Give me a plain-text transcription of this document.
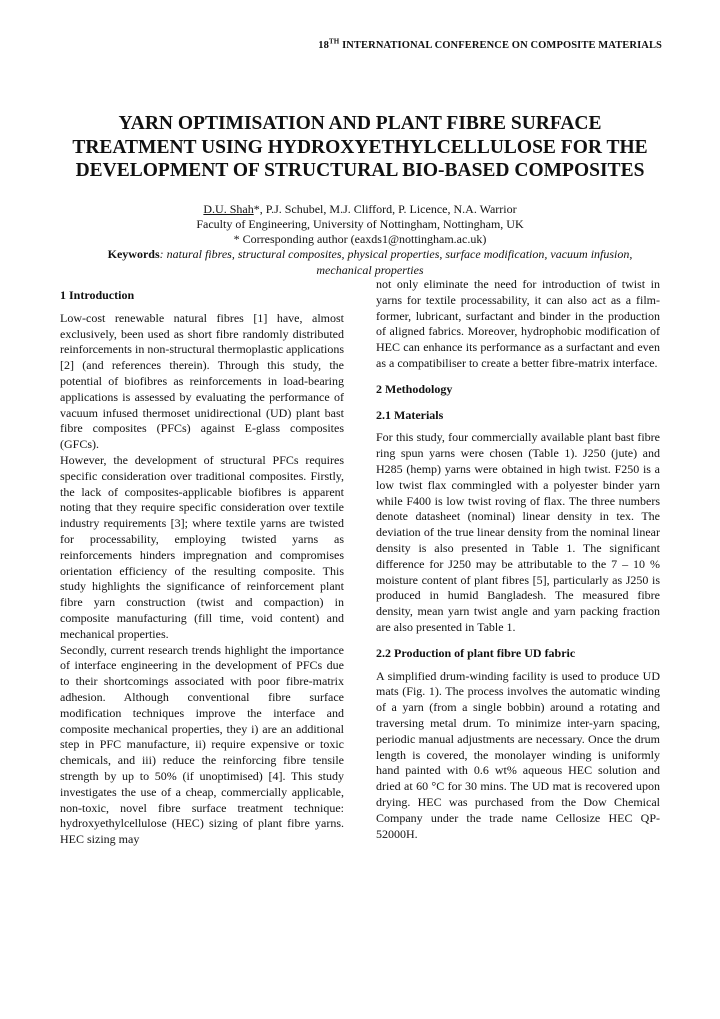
18TH INTERNATIONAL CONFERENCE ON COMPOSITE MATERIALS
YARN OPTIMISATION AND PLANT FIBRE SURFACE TREATMENT USING HYDROXYETHYLCELLULOSE FOR THE DEVELOPMENT OF STRUCTURAL BIO-BASED COMPOSITES
D.U. Shah*, P.J. Schubel, M.J. Clifford, P. Licence, N.A. Warrior
Faculty of Engineering, University of Nottingham, Nottingham, UK
* Corresponding author (eaxds1@nottingham.ac.uk)
Keywords: natural fibres, structural composites, physical properties, surface modification, vacuum infusion, mechanical properties
1 Introduction

Low-cost renewable natural fibres [1] have, almost exclusively, been used as short fibre randomly distributed reinforcements in non-structural thermoplastic applications [2] (and references therein). Through this study, the potential of biofibres as reinforcements in load-bearing applications is assessed by evaluating the performance of vacuum infused thermoset unidirectional (UD) plant bast fibre composites (PFCs) against E-glass composites (GFCs).

However, the development of structural PFCs requires specific consideration over traditional composites. Firstly, the lack of composites-applicable biofibres is apparent noting that they require specific consideration over textile industry requirements [3]; where textile yarns are twisted for processability, employing twisted yarns as reinforcements hinders impregnation and compromises orientation efficiency of the resulting composite. This study highlights the significance of reinforcement plant fibre yarn construction (twist and compaction) in composite manufacturing (fill time, void content) and mechanical properties.

Secondly, current research trends highlight the importance of interface engineering in the development of PFCs due to their shortcomings associated with poor fibre-matrix adhesion. Although conventional fibre surface modification techniques improve the interface and composite mechanical properties, they i) are an additional step in PFC manufacture, ii) require expensive or toxic chemicals, and iii) reduce the reinforcing fibre tensile strength by up to 50% (if unoptimised) [4]. This study investigates the use of a cheap, commercially applicable, non-toxic, novel fibre surface treatment technique: hydroxyethylcellulose (HEC) sizing of plant fibre yarns. HEC sizing may

not only eliminate the need for introduction of twist in yarns for textile processability, it can also act as a film-former, lubricant, surfactant and binder in the production of aligned fabrics. Moreover, hydrophobic modification of HEC can enhance its performance as a surfactant and even as a compatibiliser to create a better fibre-matrix interface.

2 Methodology
2.1 Materials

For this study, four commercially available plant bast fibre ring spun yarns were chosen (Table 1). J250 (jute) and H285 (hemp) yarns were obtained in high twist. F250 is a low twist flax commingled with a polyester binder yarn while F400 is low twist roving of flax. The three numbers denote datasheet (nominal) linear density in tex. The deviation of the true linear density from the nominal linear density is also presented in Table 1. The significant difference for J250 may be attributable to the 7 – 10 % moisture content of plant fibres [5], particularly as J250 is produced in humid Bangladesh. The measured fibre density, mean yarn twist angle and yarn packing fraction are also presented in Table 1.

2.2 Production of plant fibre UD fabric

A simplified drum-winding facility is used to produce UD mats (Fig. 1). The process involves the automatic winding of a yarn (from a single bobbin) around a rotating and traversing metal drum. To minimize inter-yarn spacing, periodic manual adjustments are necessary. Once the drum length is covered, the monolayer winding is uniformly hand painted with 0.6 wt% aqueous HEC solution and dried at 60 °C for 30 mins. The UD mat is recovered upon drying. HEC was purchased from the Dow Chemical Company under the trade name Cellosize HEC QP-52000H.
